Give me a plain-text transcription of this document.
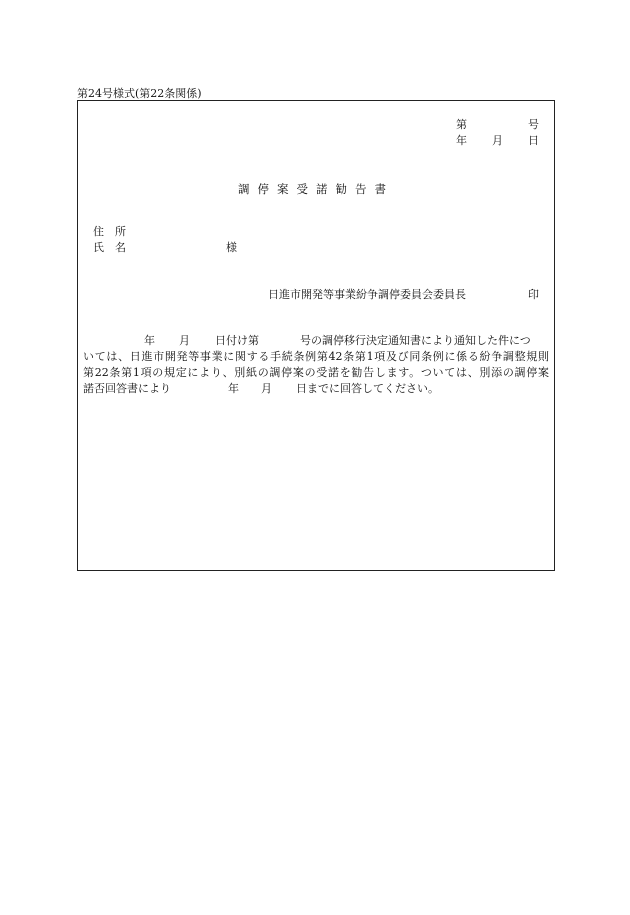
第24号様式(第22条関係)
第	号
年 月 日
調停案受諾勧告書
住　所
氏　名	様
日進市開発等事業紛争調停委員会委員長	印
年 月 日付け第	号の調停移行決定通知書により通知した件につ
いては、日進市開発等事業に関する手続条例第42条第1項及び同条例に係る紛争調整規則
第22条第1項の規定により、別紙の調停案の受諾を勧告します。ついては、別添の調停案
諾否回答書により	年 月 日までに回答してください。
